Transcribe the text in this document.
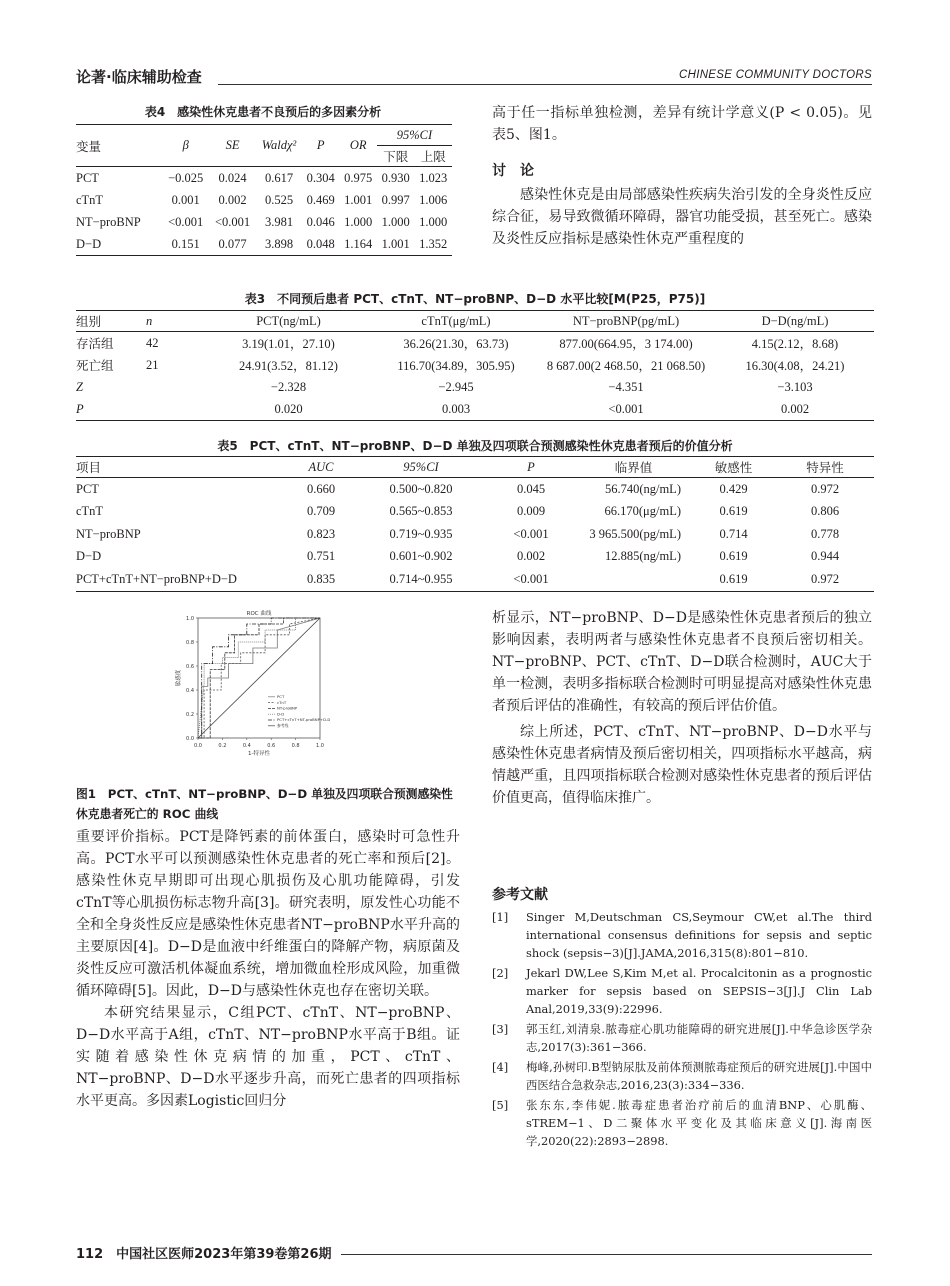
论著·临床辅助检查	CHINESE COMMUNITY DOCTORS
表4　感染性休克患者不良预后的多因素分析
变量	β	SE	Waldχ²	P	OR	95%CI	
						下限	上限
PCT	−0.025	0.024	0.617	0.304	0.975	0.930	1.023
cTnT	0.001	0.002	0.525	0.469	1.001	0.997	1.006
NT−proBNP	<0.001	<0.001	3.981	0.046	1.000	1.000	1.000
D−D	0.151	0.077	3.898	0.048	1.164	1.001	1.352

高于任一指标单独检测，差异有统计学意义(P < 0.05)。见表5、图1。

讨　论

感染性休克是由局部感染性疾病失治引发的全身炎性反应综合征，易导致微循环障碍，器官功能受损，甚至死亡。感染及炎性反应指标是感染性休克严重程度的

表3　不同预后患者 PCT、cTnT、NT−proBNP、D−D 水平比较[M(P25，P75)]
组别	n	PCT(ng/mL)	cTnT(μg/mL)	NT−proBNP(pg/mL)	D−D(ng/mL)
存活组	42	3.19(1.01，27.10)	36.26(21.30，63.73)	877.00(664.95，3 174.00)	4.15(2.12，8.68)
死亡组	21	24.91(3.52，81.12)	116.70(34.89，305.95)	8 687.00(2 468.50，21 068.50)	16.30(4.08，24.21)
Z		−2.328	−2.945	−4.351	−3.103
P		0.020	0.003	<0.001	0.002
表5　PCT、cTnT、NT−proBNP、D−D 单独及四项联合预测感染性休克患者预后的价值分析
项目	AUC	95%CI	P	临界值	敏感性	特异性
PCT	0.660	0.500~0.820	0.045	56.740(ng/mL)	0.429	0.972
cTnT	0.709	0.565~0.853	0.009	66.170(μg/mL)	0.619	0.806
NT−proBNP	0.823	0.719~0.935	<0.001	3 965.500(pg/mL)	0.714	0.778
D−D	0.751	0.601~0.902	0.002	12.885(ng/mL)	0.619	0.944
PCT+cTnT+NT−proBNP+D−D	0.835	0.714~0.955	<0.001		0.619	0.972
0.0	0.2	0.4	0.6	0.8	1.0
0.0
0.2
0.4
0.6
0.8
1.0
ROC 曲线
1-特异性
敏感度
PCT
cTnT
NT-proBNP
D-D
PCT+cTnT+NT-proBNP+D-D
参考线
图1　PCT、cTnT、NT−proBNP、D−D 单独及四项联合预测感染性休克患者死亡的 ROC 曲线

重要评价指标。PCT是降钙素的前体蛋白，感染时可急性升高。PCT水平可以预测感染性休克患者的死亡率和预后[2]。感染性休克早期即可出现心肌损伤及心肌功能障碍，引发cTnT等心肌损伤标志物升高[3]。研究表明，原发性心功能不全和全身炎性反应是感染性休克患者NT−proBNP水平升高的主要原因[4]。D−D是血液中纤维蛋白的降解产物，病原菌及炎性反应可激活机体凝血系统，增加微血栓形成风险，加重微循环障碍[5]。因此，D−D与感染性休克也存在密切关联。

本研究结果显示，C组PCT、cTnT、NT−proBNP、D−D水平高于A组，cTnT、NT−proBNP水平高于B组。证实随着感染性休克病情的加重，PCT、cTnT、NT−proBNP、D−D水平逐步升高，而死亡患者的四项指标水平更高。多因素Logistic回归分

析显示，NT−proBNP、D−D是感染性休克患者预后的独立影响因素，表明两者与感染性休克患者不良预后密切相关。NT−proBNP、PCT、cTnT、D−D联合检测时，AUC大于单一检测，表明多指标联合检测时可明显提高对感染性休克患者预后评估的准确性，有较高的预后评估价值。

综上所述，PCT、cTnT、NT−proBNP、D−D水平与感染性休克患者病情及预后密切相关，四项指标水平越高，病情越严重，且四项指标联合检测对感染性休克患者的预后评估价值更高，值得临床推广。

参考文献
[1] Singer M,Deutschman CS,Seymour CW,et al.The third international consensus definitions for sepsis and septic shock (sepsis−3)[J].JAMA,2016,315(8):801−810.
[2] Jekarl DW,Lee S,Kim M,et al. Procalcitonin as a prognostic marker for sepsis based on SEPSIS−3[J].J Clin Lab Anal,2019,33(9):22996.
[3] 郭玉红,刘清泉.脓毒症心肌功能障碍的研究进展[J].中华急诊医学杂志,2017(3):361−366.
[4] 梅峰,孙树印.B型钠尿肽及前体预测脓毒症预后的研究进展[J].中国中西医结合急救杂志,2016,23(3):334−336.
[5] 张东东,李伟妮.脓毒症患者治疗前后的血清BNP、心肌酶、sTREM−1、D二聚体水平变化及其临床意义[J].海南医学,2020(22):2893−2898.
112　中国社区医师2023年第39卷第26期
